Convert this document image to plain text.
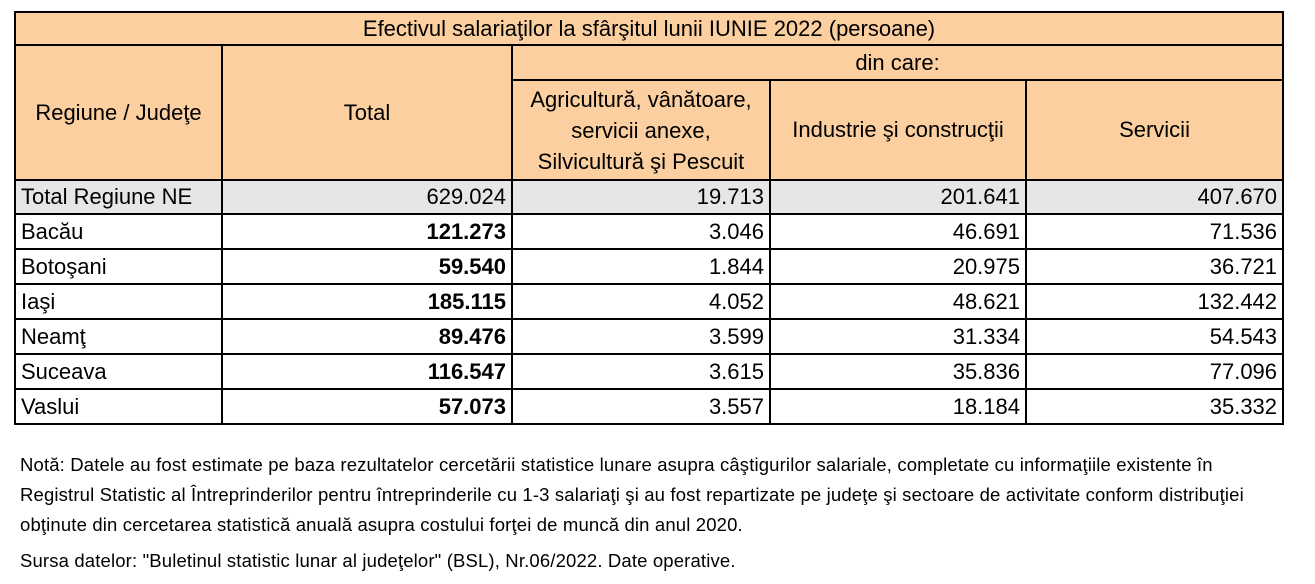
Efectivul salariaţilor la sfârşitul lunii IUNIE 2022 (persoane)				
Regiune / Judeţe	Total	din care:		
		Agricultură, vânătoare, servicii anexe, Silvicultură şi Pescuit	Industrie şi construcţii	Servicii
Total Regiune NE	629.024	19.713	201.641	407.670
Bacău	121.273	3.046	46.691	71.536
Botoşani	59.540	1.844	20.975	36.721
Iaşi	185.115	4.052	48.621	132.442
Neamţ	89.476	3.599	31.334	54.543
Suceava	116.547	3.615	35.836	77.096
Vaslui	57.073	3.557	18.184	35.332

Notă: Datele au fost estimate pe baza rezultatelor cercetării statistice lunare asupra câştigurilor salariale, completate cu informaţiile existente în Registrul Statistic al Întreprinderilor pentru întreprinderile cu 1-3 salariaţi şi au fost repartizate pe judeţe şi sectoare de activitate conform distribuţiei obţinute din cercetarea statistică anuală asupra costului forţei de muncă din anul 2020.

Sursa datelor: "Buletinul statistic lunar al judeţelor" (BSL), Nr.06/2022. Date operative.
